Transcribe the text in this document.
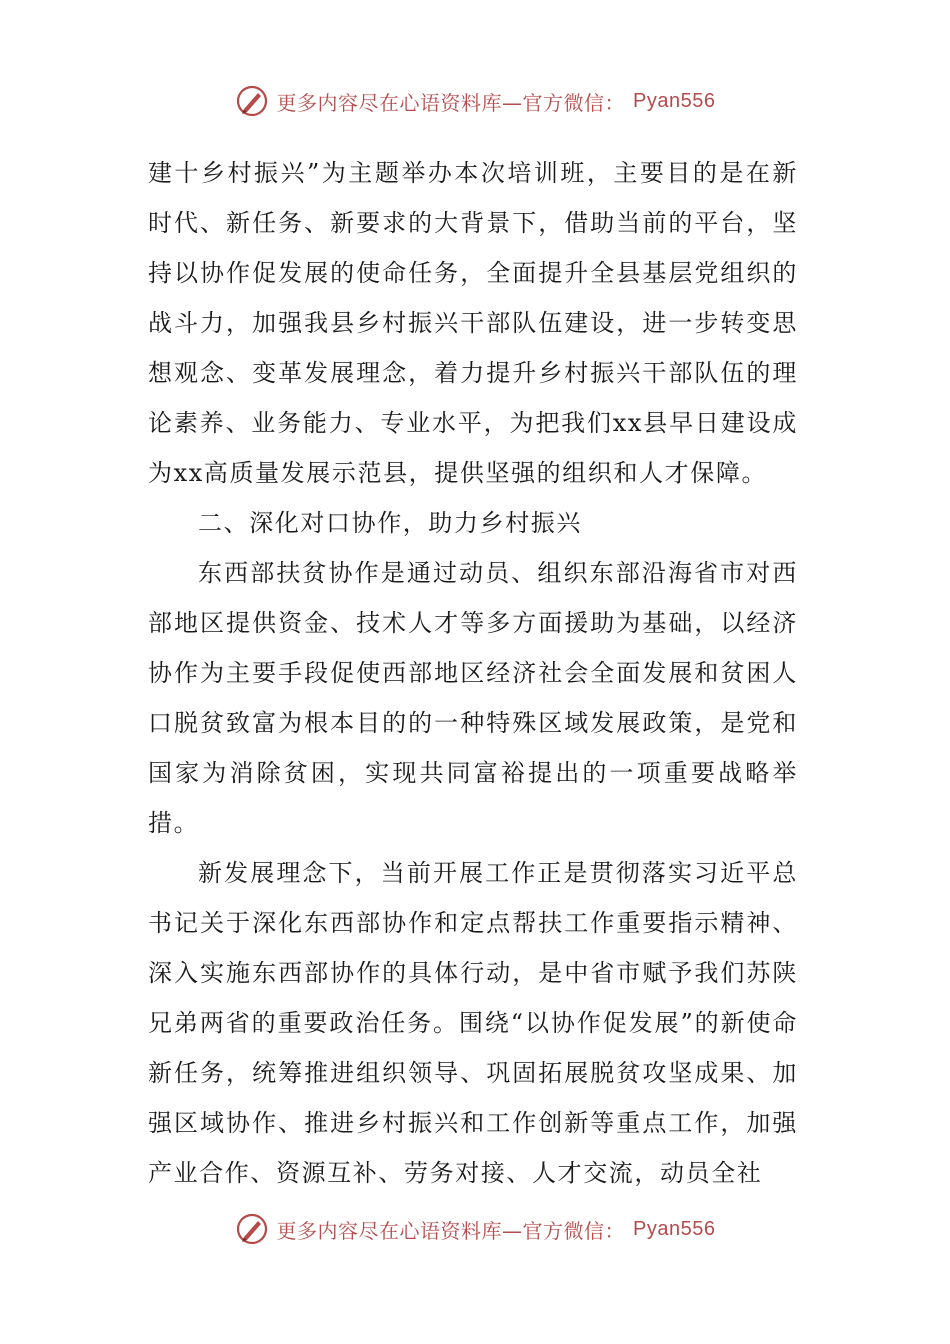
更多内容尽在心语资料库—官方微信： Pyan556

建十乡村振兴”为主题举办本次培训班，主要目的是在新时代、新任务、新要求的大背景下，借助当前的平台，坚持以协作促发展的使命任务，全面提升全县基层党组织的战斗力，加强我县乡村振兴干部队伍建设，进一步转变思想观念、变革发展理念，着力提升乡村振兴干部队伍的理论素养、业务能力、专业水平，为把我们xx县早日建设成为xx高质量发展示范县，提供坚强的组织和人才保障。

二、深化对口协作，助力乡村振兴

东西部扶贫协作是通过动员、组织东部沿海省市对西部地区提供资金、技术人才等多方面援助为基础，以经济协作为主要手段促使西部地区经济社会全面发展和贫困人口脱贫致富为根本目的的一种特殊区域发展政策，是党和国家为消除贫困，实现共同富裕提出的一项重要战略举措。

新发展理念下，当前开展工作正是贯彻落实习近平总书记关于深化东西部协作和定点帮扶工作重要指示精神、深入实施东西部协作的具体行动，是中省市赋予我们苏陕兄弟两省的重要政治任务。围绕“以协作促发展”的新使命新任务，统筹推进组织领导、巩固拓展脱贫攻坚成果、加强区域协作、推进乡村振兴和工作创新等重点工作，加强产业合作、资源互补、劳务对接、人才交流，动员全社

更多内容尽在心语资料库—官方微信： Pyan556
